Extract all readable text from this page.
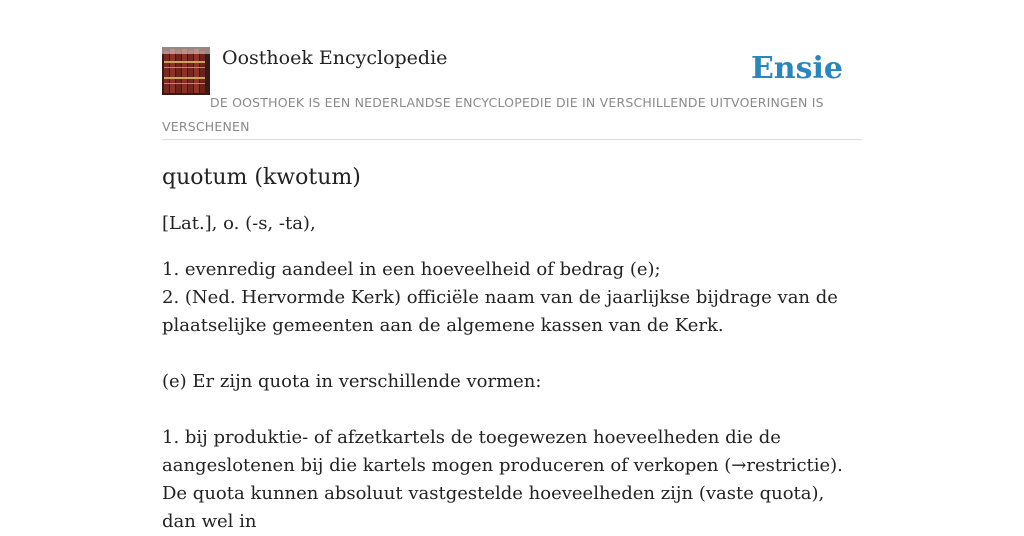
Oosthoek Encyclopedie	Ensie
DE OOSTHOEK IS EEN NEDERLANDSE ENCYCLOPEDIE DIE IN VERSCHILLENDE UITVOERINGEN IS VERSCHENEN
quotum (kwotum)
[Lat.], o. (-s, -ta),

1. evenredig aandeel in een hoeveelheid of bedrag (e);

2. (Ned. Hervormde Kerk) officiële naam van de jaarlijkse bijdrage van de plaatselijke gemeenten aan de algemene kassen van de Kerk.

(e) Er zijn quota in verschillende vormen:

1. bij produktie- of afzetkartels de toegewezen hoeveelheden die de aangeslotenen bij die kartels mogen produceren of verkopen (→restrictie). De quota kunnen absoluut vastgestelde hoeveelheden zijn (vaste quota), dan wel in
